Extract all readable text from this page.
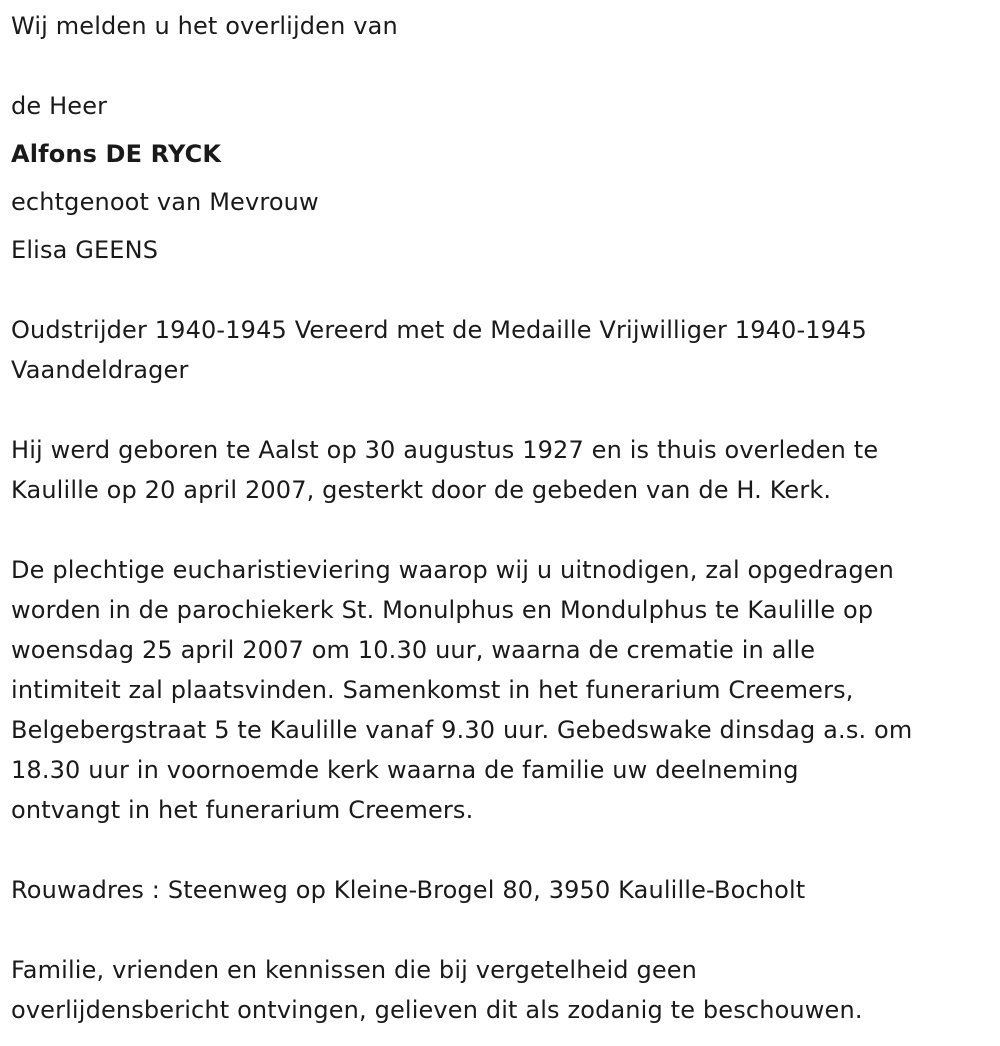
Wij melden u het overlijden van
de Heer
Alfons DE RYCK
echtgenoot van Mevrouw
Elisa GEENS
Oudstrijder 1940-1945 Vereerd met de Medaille Vrijwilliger 1940-1945
Vaandeldrager
Hij werd geboren te Aalst op 30 augustus 1927 en is thuis overleden te
Kaulille op 20 april 2007, gesterkt door de gebeden van de H. Kerk.
De plechtige eucharistieviering waarop wij u uitnodigen, zal opgedragen
worden in de parochiekerk St. Monulphus en Mondulphus te Kaulille op
woensdag 25 april 2007 om 10.30 uur, waarna de crematie in alle
intimiteit zal plaatsvinden. Samenkomst in het funerarium Creemers,
Belgebergstraat 5 te Kaulille vanaf 9.30 uur. Gebedswake dinsdag a.s. om
18.30 uur in voornoemde kerk waarna de familie uw deelneming
ontvangt in het funerarium Creemers.
Rouwadres : Steenweg op Kleine-Brogel 80, 3950 Kaulille-Bocholt
Familie, vrienden en kennissen die bij vergetelheid geen
overlijdensbericht ontvingen, gelieven dit als zodanig te beschouwen.
